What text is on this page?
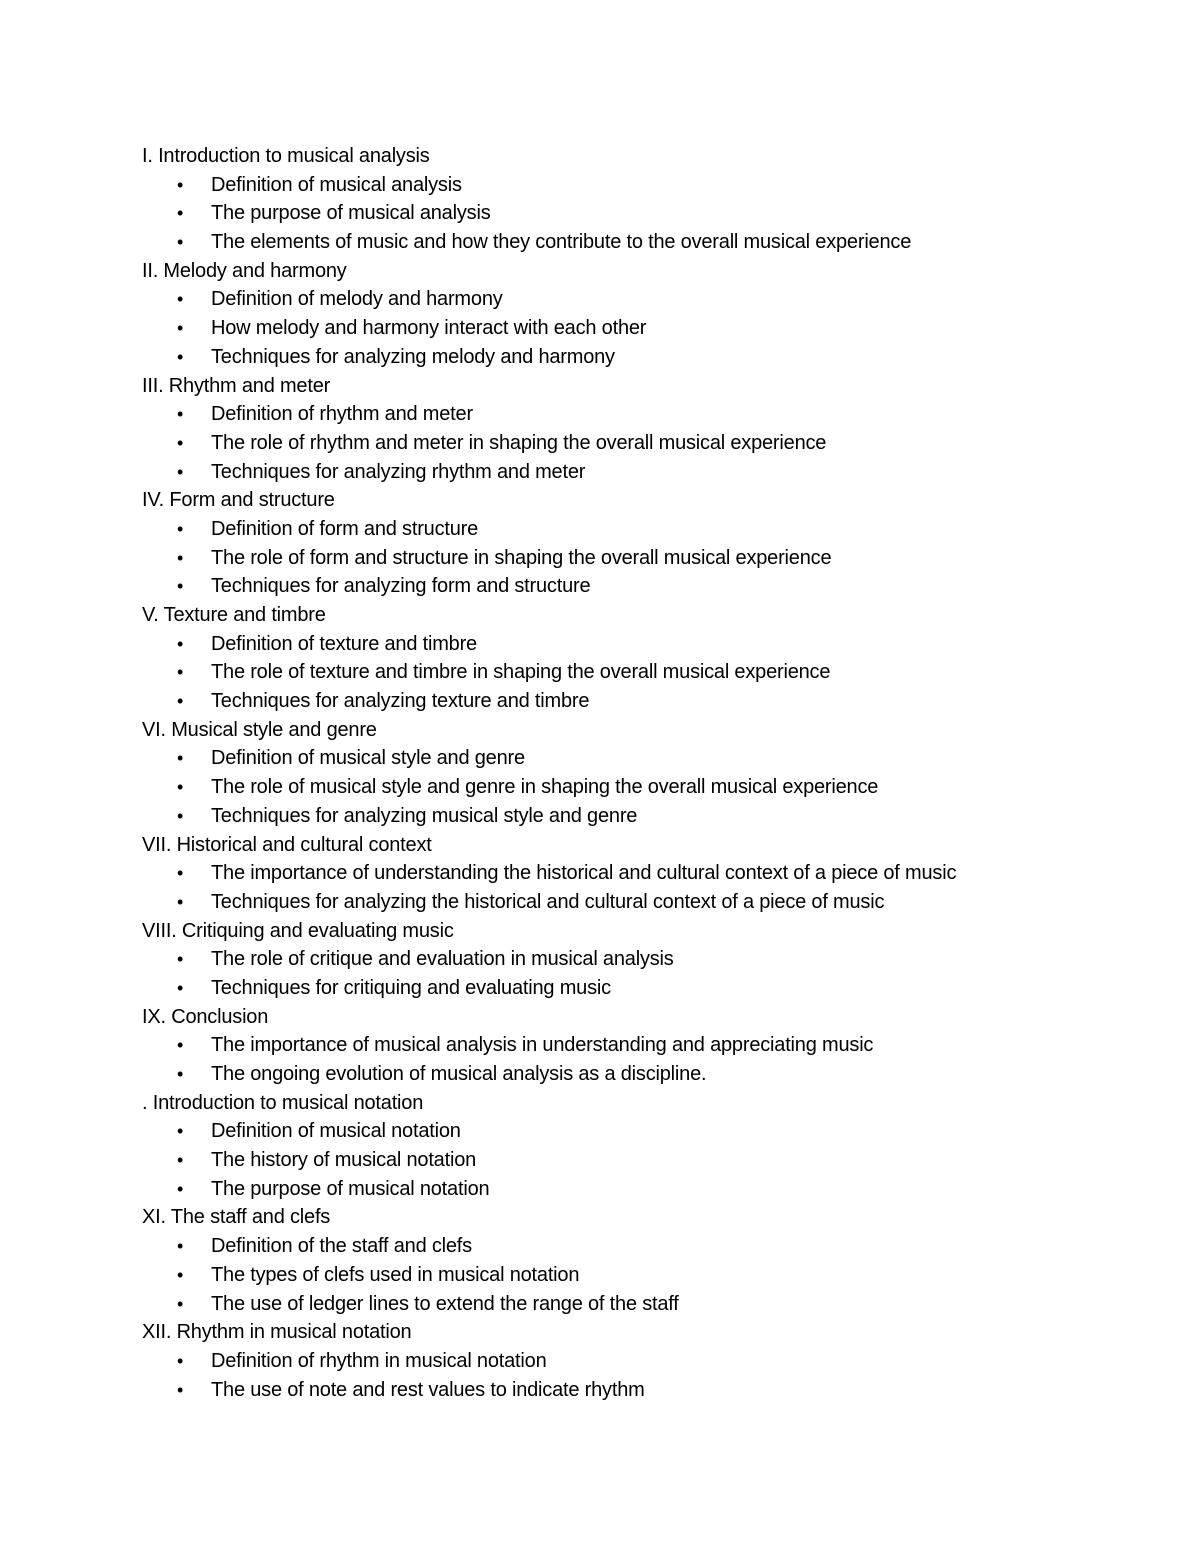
I. Introduction to musical analysis
• Definition of musical analysis
• The purpose of musical analysis
• The elements of music and how they contribute to the overall musical experience
II. Melody and harmony
• Definition of melody and harmony
• How melody and harmony interact with each other
• Techniques for analyzing melody and harmony
III. Rhythm and meter
• Definition of rhythm and meter
• The role of rhythm and meter in shaping the overall musical experience
• Techniques for analyzing rhythm and meter
IV. Form and structure
• Definition of form and structure
• The role of form and structure in shaping the overall musical experience
• Techniques for analyzing form and structure
V. Texture and timbre
• Definition of texture and timbre
• The role of texture and timbre in shaping the overall musical experience
• Techniques for analyzing texture and timbre
VI. Musical style and genre
• Definition of musical style and genre
• The role of musical style and genre in shaping the overall musical experience
• Techniques for analyzing musical style and genre
VII. Historical and cultural context
• The importance of understanding the historical and cultural context of a piece of music
• Techniques for analyzing the historical and cultural context of a piece of music
VIII. Critiquing and evaluating music
• The role of critique and evaluation in musical analysis
• Techniques for critiquing and evaluating music
IX. Conclusion
• The importance of musical analysis in understanding and appreciating music
• The ongoing evolution of musical analysis as a discipline.
. Introduction to musical notation
• Definition of musical notation
• The history of musical notation
• The purpose of musical notation
XI. The staff and clefs
• Definition of the staff and clefs
• The types of clefs used in musical notation
• The use of ledger lines to extend the range of the staff
XII. Rhythm in musical notation
• Definition of rhythm in musical notation
• The use of note and rest values to indicate rhythm
